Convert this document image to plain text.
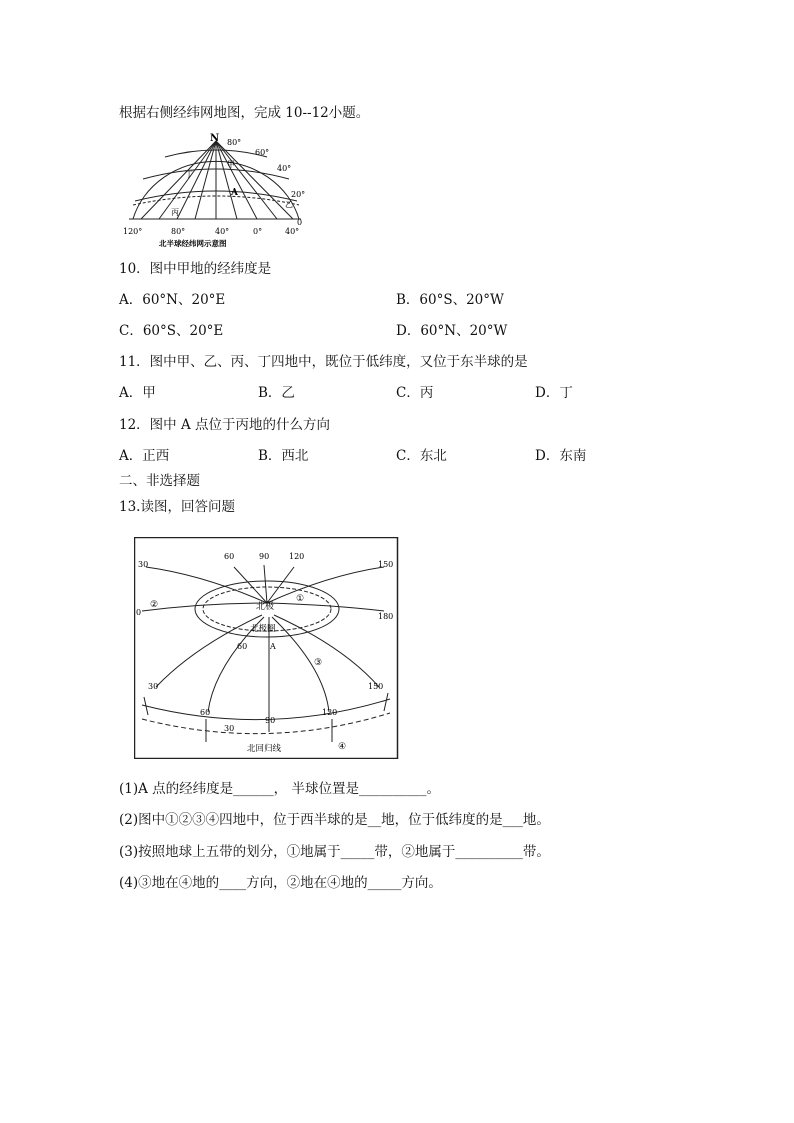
根据右侧经纬网地图，完成 10--12小题。
N 80°
60°
40°
20°
0
120°	80°	40°	0°	40°
甲
丁
A
乙
丙
北半球经纬网示意图
10．图中甲地的经纬度是
A．60°N、20°E	B．60°S、20°W
C．60°S、20°E	D．60°N、20°W
11．图中甲、乙、丙、丁四地中，既位于低纬度，又位于东半球的是
A．甲	B．乙	C．丙	D．丁
12．图中 A 点位于丙地的什么方向
A．正西	B．西北	C．东北	D．东南
二、非选择题
13.读图，回答问题
60	90 120
30	150
0	180
②
①
北极
北极圈
60	A
③
30	150
60	120
30
90
北回归线	④
(1)A 点的经纬度是______， 半球位置是__________。
(2)图中①②③④四地中，位于西半球的是__地，位于低纬度的是___地。
(3)按照地球上五带的划分，①地属于_____带，②地属于__________带。
(4)③地在④地的____方向，②地在④地的_____方向。
